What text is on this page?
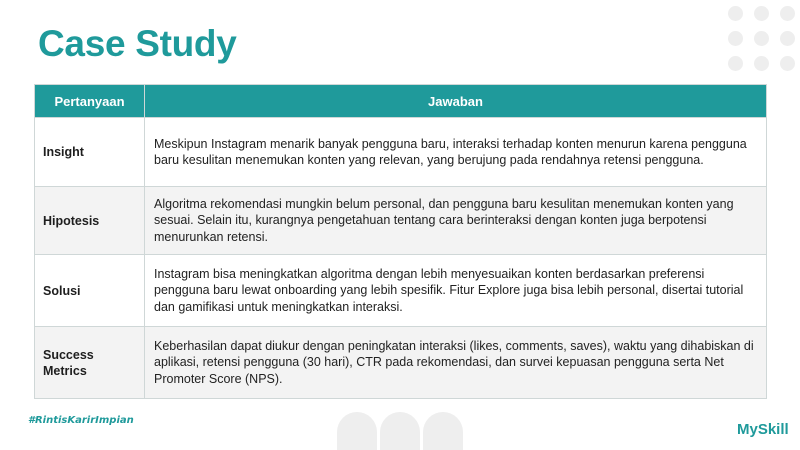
Case Study
Pertanyaan	Jawaban
Insight	Meskipun Instagram menarik banyak pengguna baru, interaksi terhadap konten menurun karena pengguna baru kesulitan menemukan konten yang relevan, yang berujung pada rendahnya retensi pengguna.
Hipotesis	Algoritma rekomendasi mungkin belum personal, dan pengguna baru kesulitan menemukan konten yang sesuai. Selain itu, kurangnya pengetahuan tentang cara berinteraksi dengan konten juga berpotensi menurunkan retensi.
Solusi	Instagram bisa meningkatkan algoritma dengan lebih menyesuaikan konten berdasarkan preferensi pengguna baru lewat onboarding yang lebih spesifik. Fitur Explore juga bisa lebih personal, disertai tutorial dan gamifikasi untuk meningkatkan interaksi.
Success Metrics	Keberhasilan dapat diukur dengan peningkatan interaksi (likes, comments, saves), waktu yang dihabiskan di aplikasi, retensi pengguna (30 hari), CTR pada rekomendasi, dan survei kepuasan pengguna serta Net Promoter Score (NPS).
#RintisKarirImpian
MySkill
